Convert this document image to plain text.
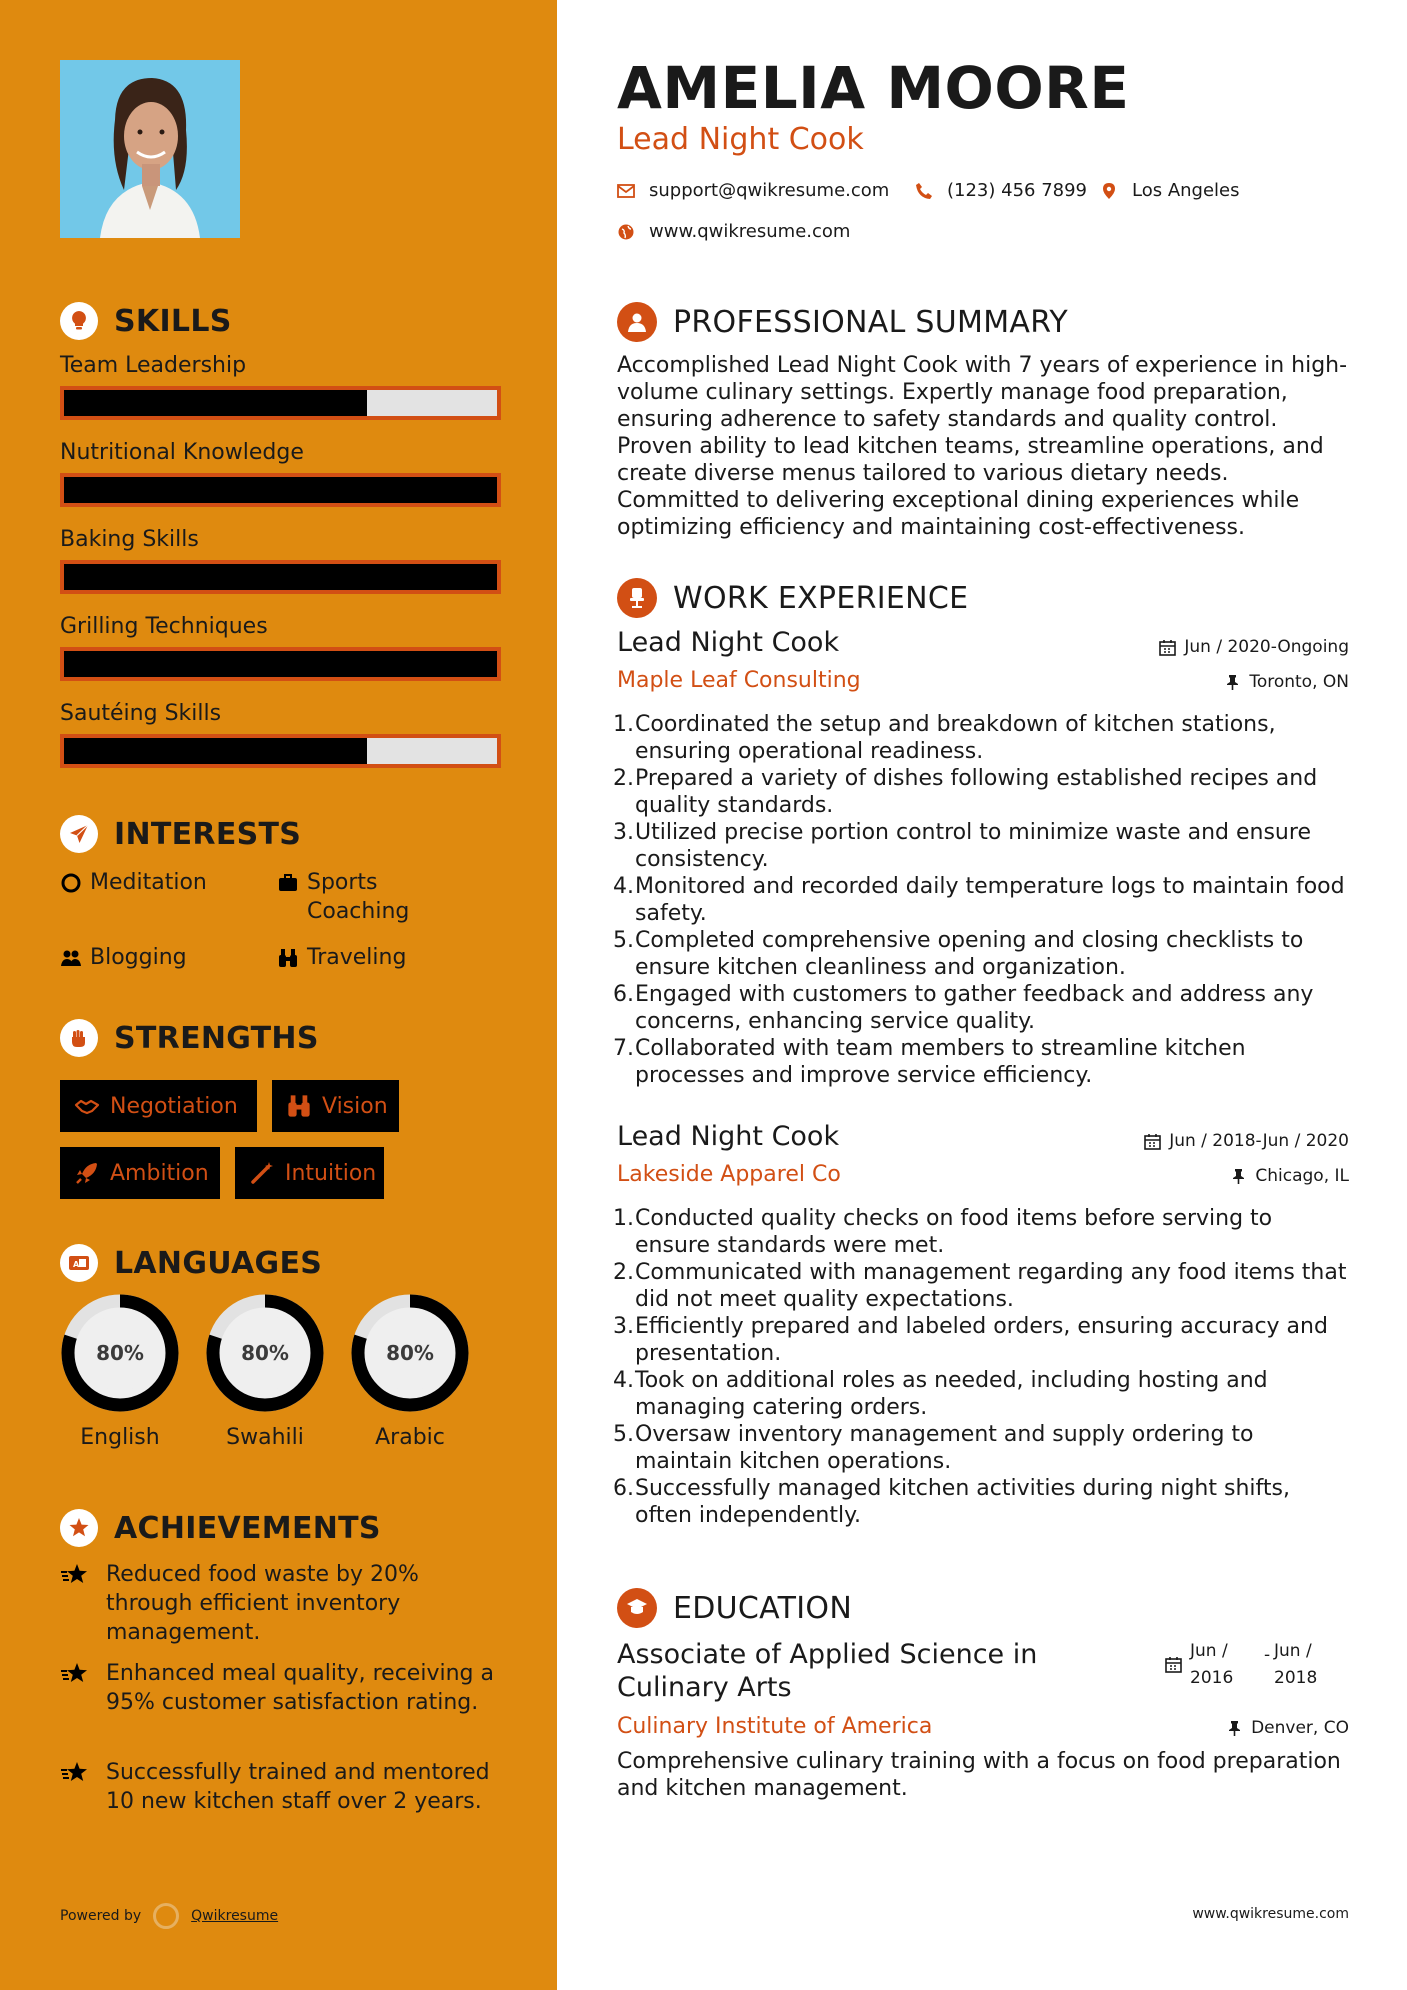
SKILLS
Team Leadership
Nutritional Knowledge
Baking Skills
Grilling Techniques
Sautéing Skills
INTERESTS
Meditation	Sports Coaching
Blogging	Traveling
STRENGTHS
Negotiation	Vision
Ambition	Intuition
A LANGUAGES
80%
English
80%
Swahili
80%
Arabic
ACHIEVEMENTS
Reduced food waste by 20% through efficient inventory management.
Enhanced meal quality, receiving a 95% customer satisfaction rating.
Successfully trained and mentored 10 new kitchen staff over 2 years.
Powered by	Qwikresume
AMELIA MOORE
Lead Night Cook
support@qwikresume.com	(123) 456 7899 Los Angeles
www.qwikresume.com
PROFESSIONAL SUMMARY
Accomplished Lead Night Cook with 7 years of experience in high-volume culinary settings. Expertly manage food preparation, ensuring adherence to safety standards and quality control. Proven ability to lead kitchen teams, streamline operations, and create diverse menus tailored to various dietary needs. Committed to delivering exceptional dining experiences while optimizing efficiency and maintaining cost-effectiveness.
WORK EXPERIENCE
Lead Night Cook	Jun / 2020-Ongoing
Maple Leaf Consulting	Toronto, ON
Coordinated the setup and breakdown of kitchen stations, ensuring operational readiness.
Prepared a variety of dishes following established recipes and quality standards.
Utilized precise portion control to minimize waste and ensure consistency.
Monitored and recorded daily temperature logs to maintain food safety.
Completed comprehensive opening and closing checklists to ensure kitchen cleanliness and organization.
Engaged with customers to gather feedback and address any concerns, enhancing service quality.
Collaborated with team members to streamline kitchen processes and improve service efficiency.
Lead Night Cook	Jun / 2018-Jun / 2020
Lakeside Apparel Co	Chicago, IL
Conducted quality checks on food items before serving to ensure standards were met.
Communicated with management regarding any food items that did not meet quality expectations.
Efficiently prepared and labeled orders, ensuring accuracy and presentation.
Took on additional roles as needed, including hosting and managing catering orders.
Oversaw inventory management and supply ordering to maintain kitchen operations.
Successfully managed kitchen activities during night shifts, often independently.
EDUCATION
Associate of Applied Science in Culinary Arts
Jun / 2016
- Jun / 2018
Culinary Institute of America	Denver, CO
Comprehensive culinary training with a focus on food preparation and kitchen management.
www.qwikresume.com
